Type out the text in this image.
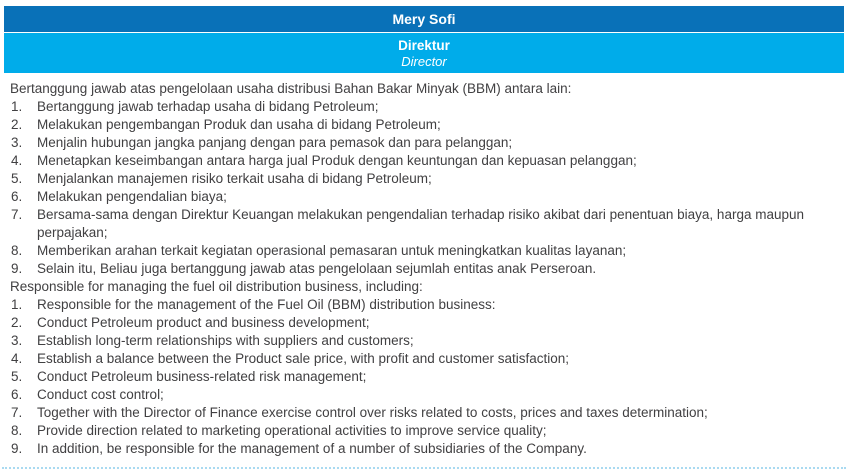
Mery Sofi
Direktur
Director

Bertanggung jawab atas pengelolaan usaha distribusi Bahan Bakar Minyak (BBM) antara lain:

Bertanggung jawab terhadap usaha di bidang Petroleum;
Melakukan pengembangan Produk dan usaha di bidang Petroleum;
Menjalin hubungan jangka panjang dengan para pemasok dan para pelanggan;
Menetapkan keseimbangan antara harga jual Produk dengan keuntungan dan kepuasan pelanggan;
Menjalankan manajemen risiko terkait usaha di bidang Petroleum;
Melakukan pengendalian biaya;
Bersama-sama dengan Direktur Keuangan melakukan pengendalian terhadap risiko akibat dari penentuan biaya, harga maupun perpajakan;
Memberikan arahan terkait kegiatan operasional pemasaran untuk meningkatkan kualitas layanan;
Selain itu, Beliau juga bertanggung jawab atas pengelolaan sejumlah entitas anak Perseroan.

Responsible for managing the fuel oil distribution business, including:

Responsible for the management of the Fuel Oil (BBM) distribution business:
Conduct Petroleum product and business development;
Establish long-term relationships with suppliers and customers;
Establish a balance between the Product sale price, with profit and customer satisfaction;
Conduct Petroleum business-related risk management;
Conduct cost control;
Together with the Director of Finance exercise control over risks related to costs, prices and taxes determination;
Provide direction related to marketing operational activities to improve service quality;
In addition, be responsible for the management of a number of subsidiaries of the Company.
